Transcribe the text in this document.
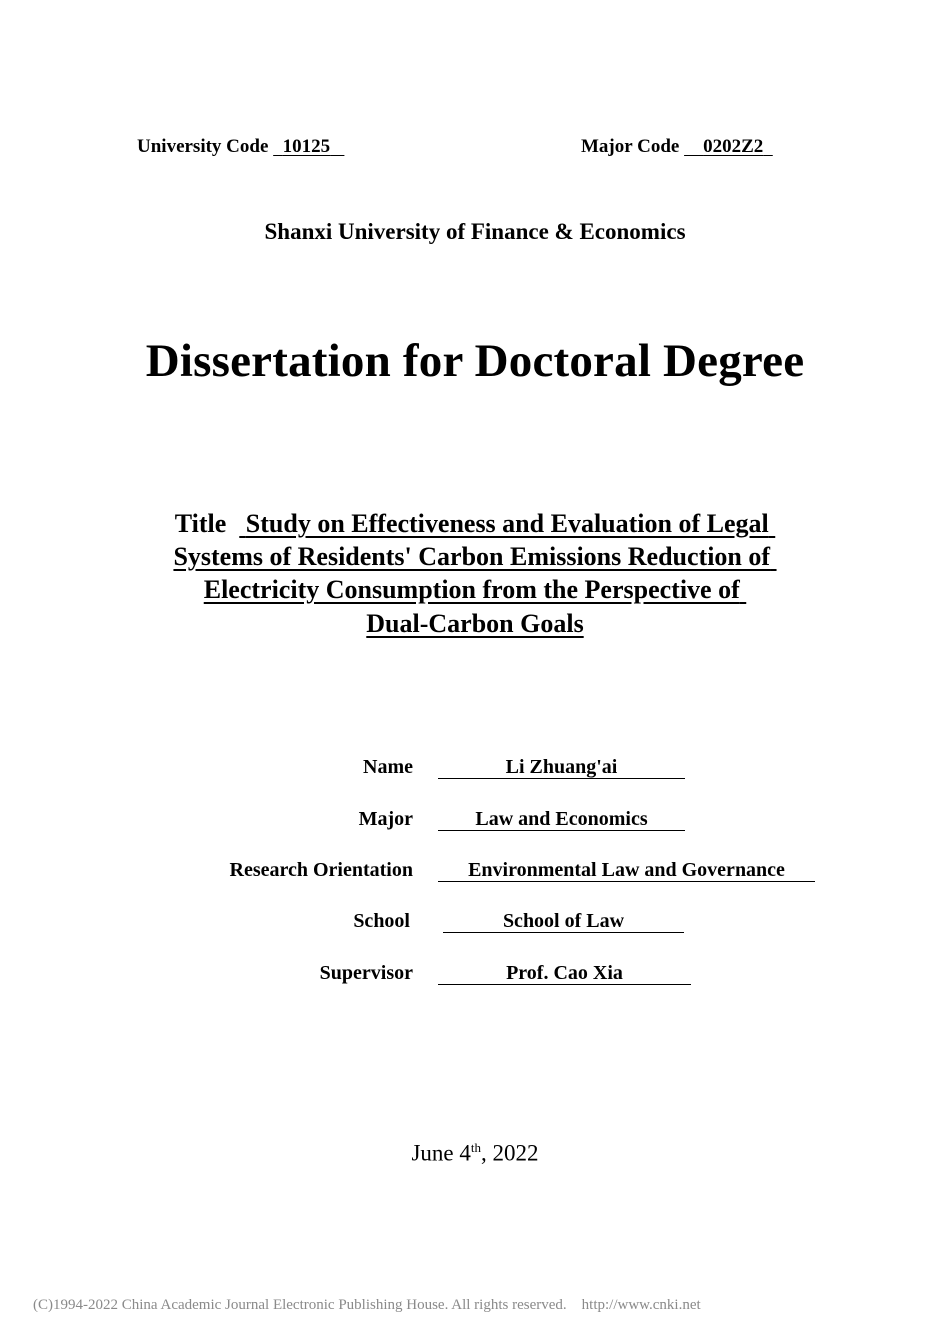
University Code 10125	Major Code 0202Z2
Shanxi University of Finance & Economics
Dissertation for Doctoral Degree
Title Study on Effectiveness and Evaluation of Legal
Systems of Residents' Carbon Emissions Reduction of
Electricity Consumption from the Perspective of
Dual-Carbon Goals
Name	Li Zhuang'ai
Major	Law and Economics
Research Orientation	Environmental Law and Governance
School	School of Law
Supervisor	Prof. Cao Xia
June 4th, 2022
(C)1994-2022 China Academic Journal Electronic Publishing House. All rights reserved.    http://www.cnki.net
